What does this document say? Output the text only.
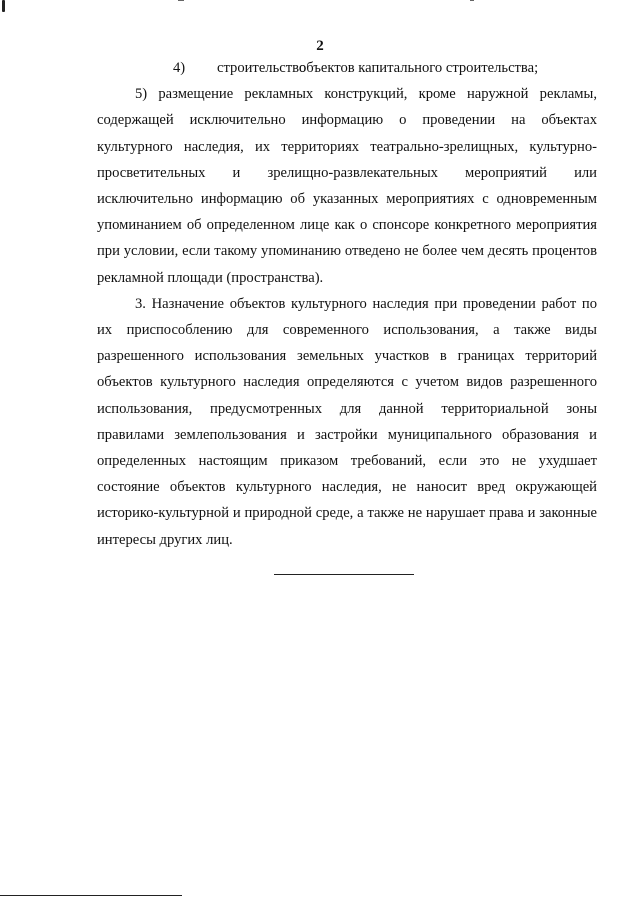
2

4) строительствообъектов капитального строительства;

5) размещение рекламных конструкций, кроме наружной рекламы, содержащей исключительно информацию о проведении на объектах культурного наследия, их территориях театрально-зрелищных, культурно-просветительных и зрелищно-развлекательных мероприятий или исключительно информацию об указанных мероприятиях с одновременным упоминанием об определенном лице как о спонсоре конкретного мероприятия при условии, если такому упоминанию отведено не более чем десять процентов рекламной площади (пространства).

3. Назначение объектов культурного наследия при проведении работ по их приспособлению для современного использования, а также виды разрешенного использования земельных участков в границах территорий объектов культурного наследия определяются с учетом видов разрешенного использования, предусмотренных для данной территориальной зоны правилами землепользования и застройки муниципального образования и определенных настоящим приказом требований, если это не ухудшает состояние объектов культурного наследия, не наносит вред окружающей историко-культурной и природной среде, а также не нарушает права и законные интересы других лиц.
